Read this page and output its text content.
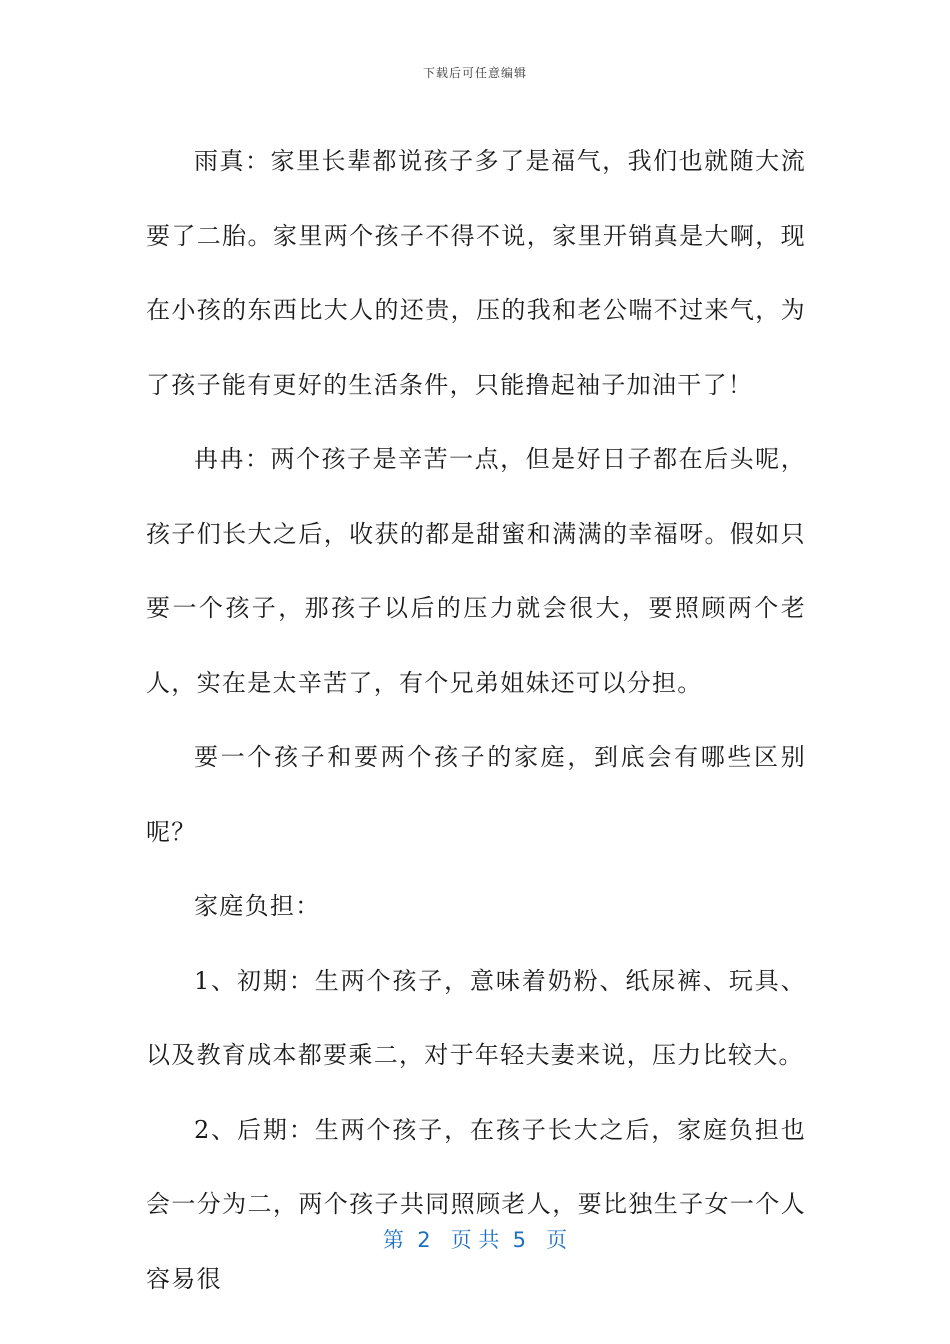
下载后可任意编辑

雨真：家里长辈都说孩子多了是福气，我们也就随大流要了二胎。家里两个孩子不得不说，家里开销真是大啊，现在小孩的东西比大人的还贵，压的我和老公喘不过来气，为了孩子能有更好的生活条件，只能撸起袖子加油干了！

冉冉：两个孩子是辛苦一点，但是好日子都在后头呢，孩子们长大之后，收获的都是甜蜜和满满的幸福呀。假如只要一个孩子，那孩子以后的压力就会很大，要照顾两个老人，实在是太辛苦了，有个兄弟姐妹还可以分担。

要一个孩子和要两个孩子的家庭，到底会有哪些区别呢？

家庭负担：

1、初期：生两个孩子，意味着奶粉、纸尿裤、玩具、以及教育成本都要乘二，对于年轻夫妻来说，压力比较大。

2、后期：生两个孩子，在孩子长大之后，家庭负担也会一分为二，两个孩子共同照顾老人，要比独生子女一个人容易很

第  2   页 共  5   页
